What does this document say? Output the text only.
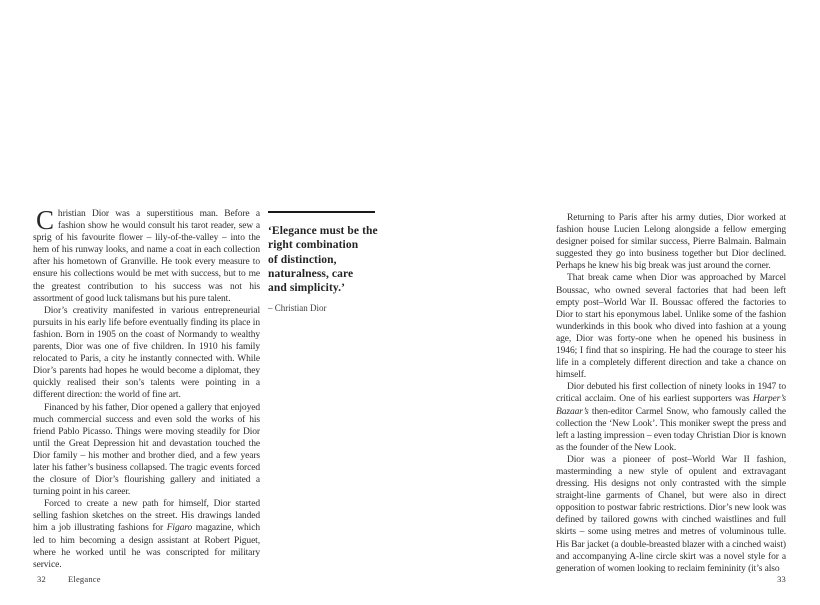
Christian Dior was a superstitious man. Before a fashion show he would consult his tarot reader, sew a sprig of his favourite flower – lily-of-the-valley – into the hem of his runway looks, and name a coat in each collection after his hometown of Granville. He took every measure to ensure his collections would be met with success, but to me the greatest contribution to his success was not his assortment of good luck talismans but his pure talent.

Dior’s creativity manifested in various entrepreneurial pursuits in his early life before eventually finding its place in fashion. Born in 1905 on the coast of Normandy to wealthy parents, Dior was one of five children. In 1910 his family relocated to Paris, a city he instantly connected with. While Dior’s parents had hopes he would become a diplomat, they quickly realised their son’s talents were pointing in a different direction: the world of fine art.

Financed by his father, Dior opened a gallery that enjoyed much commercial success and even sold the works of his friend Pablo Picasso. Things were moving steadily for Dior until the Great Depression hit and devastation touched the Dior family – his mother and brother died, and a few years later his father’s business collapsed. The tragic events forced the closure of Dior’s flourishing gallery and initiated a turning point in his career.

Forced to create a new path for himself, Dior started selling fashion sketches on the street. His drawings landed him a job illustrating fashions for Figaro magazine, which led to him becoming a design assistant at Robert Piguet, where he worked until he was conscripted for military service.

‘Elegance must be the
right combination
of distinction,
naturalness, care
and simplicity.’
– Christian Dior

Returning to Paris after his army duties, Dior worked at fashion house Lucien Lelong alongside a fellow emerging designer poised for similar success, Pierre Balmain. Balmain suggested they go into business together but Dior declined. Perhaps he knew his big break was just around the corner.

That break came when Dior was approached by Marcel Boussac, who owned several factories that had been left empty post–World War II. Boussac offered the factories to Dior to start his eponymous label. Unlike some of the fashion wunderkinds in this book who dived into fashion at a young age, Dior was forty-one when he opened his business in 1946; I find that so inspiring. He had the courage to steer his life in a completely different direction and take a chance on himself.

Dior debuted his first collection of ninety looks in 1947 to critical acclaim. One of his earliest supporters was Harper’s Bazaar’s then-editor Carmel Snow, who famously called the collection the ‘New Look’. This moniker swept the press and left a lasting impression – even today Christian Dior is known as the founder of the New Look.

Dior was a pioneer of post–World War II fashion, masterminding a new style of opulent and extravagant dressing. His designs not only contrasted with the simple straight-line garments of Chanel, but were also in direct opposition to postwar fabric restrictions. Dior’s new look was defined by tailored gowns with cinched waistlines and full skirts – some using metres and metres of voluminous tulle. His Bar jacket (a double-breasted blazer with a cinched waist) and accompanying A-line circle skirt was a novel style for a generation of women looking to reclaim femininity (it’s also

32	Elegance	33
